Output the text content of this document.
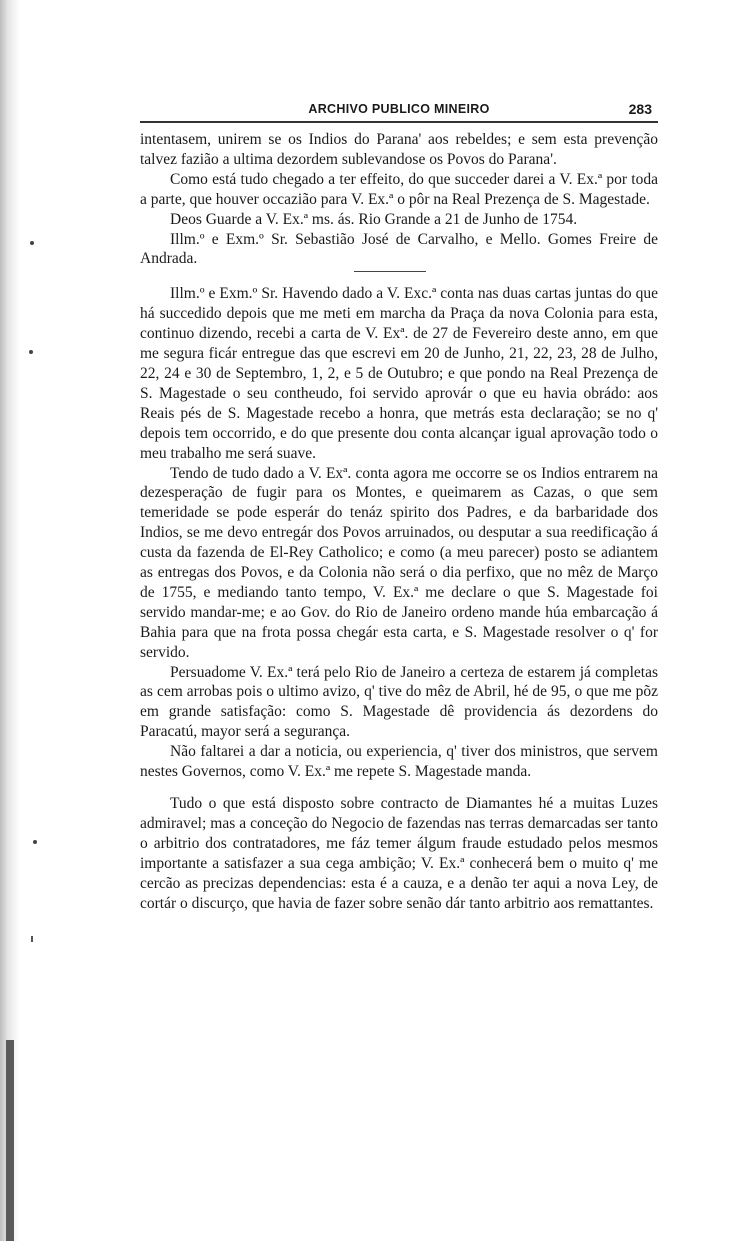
ARCHIVO PUBLICO MINEIRO	283

intentasem, unirem se os Indios do Parana' aos rebeldes; e sem esta prevenção talvez fazião a ultima dezordem sublevandose os Povos do Parana'.

Como está tudo chegado a ter effeito, do que succeder darei a V. Ex.ª por toda a parte, que houver occazião para V. Ex.ª o pôr na Real Prezença de S. Magestade.

Deos Guarde a V. Ex.ª ms. ás. Rio Grande a 21 de Junho de 1754.

Illm.º e Exm.º Sr. Sebastião José de Carvalho, e Mello. Gomes Freire de Andrada.

Illm.º e Exm.º Sr. Havendo dado a V. Exc.ª conta nas duas cartas juntas do que há succedido depois que me meti em marcha da Praça da nova Colonia para esta, continuo dizendo, recebi a carta de V. Exª. de 27 de Fevereiro deste anno, em que me segura ficár entregue das que escrevi em 20 de Junho, 21, 22, 23, 28 de Julho, 22, 24 e 30 de Septembro, 1, 2, e 5 de Outubro; e que pondo na Real Prezença de S. Magestade o seu contheudo, foi servido aprovár o que eu havia obrádo: aos Reais pés de S. Magestade recebo a honra, que metrás esta declaração; se no q' depois tem occorrido, e do que presente dou conta alcançar igual aprovação todo o meu trabalho me será suave.

Tendo de tudo dado a V. Exª. conta agora me occorre se os Indios entrarem na dezesperação de fugir para os Montes, e queimarem as Cazas, o que sem temeridade se pode esperár do tenáz spirito dos Padres, e da barbaridade dos Indios, se me devo entregár dos Povos arruinados, ou desputar a sua reedificação á custa da fazenda de El-Rey Catholico; e como (a meu parecer) posto se adiantem as entregas dos Povos, e da Colonia não será o dia perfixo, que no mêz de Março de 1755, e mediando tanto tempo, V. Ex.ª me declare o que S. Magestade foi servido mandar-me; e ao Gov. do Rio de Janeiro ordeno mande húa embarcação á Bahia para que na frota possa chegár esta carta, e S. Magestade resolver o q' for servido.

Persuadome V. Ex.ª terá pelo Rio de Janeiro a certeza de estarem já completas as cem arrobas pois o ultimo avizo, q' tive do mêz de Abril, hé de 95, o que me põz em grande satisfação: como S. Magestade dê providencia ás dezordens do Paracatú, mayor será a segurança.

Não faltarei a dar a noticia, ou experiencia, q' tiver dos ministros, que servem nestes Governos, como V. Ex.ª me repete S. Magestade manda.

Tudo o que está disposto sobre contracto de Diamantes hé a muitas Luzes admiravel; mas a conceção do Negocio de fazendas nas terras demarcadas ser tanto o arbitrio dos contratadores, me fáz temer álgum fraude estudado pelos mesmos importante a satisfazer a sua cega ambição; V. Ex.ª conhecerá bem o muito q' me cercão as precizas dependencias: esta é a cauza, e a denão ter aqui a nova Ley, de cortár o discurço, que havia de fazer sobre senão dár tanto arbitrio aos remattantes.
